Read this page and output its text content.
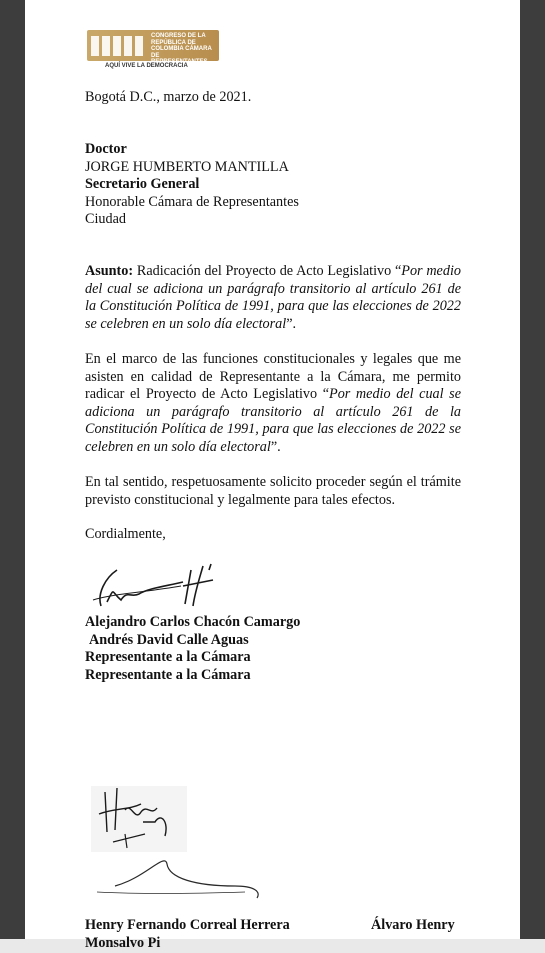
CONGRESO DE LA REPÚBLICA DE COLOMBIA CÁMARA DE REPRESENTANTES
AQUÍ VIVE LA DEMOCRACIA
Bogotá D.C., marzo de 2021.
Doctor
JORGE HUMBERTO MANTILLA
Secretario General
Honorable Cámara de Representantes
Ciudad
Asunto: Radicación del Proyecto de Acto Legislativo “Por medio del cual se adiciona un parágrafo transitorio al artículo 261 de la Constitución Política de 1991, para que las elecciones de 2022 se celebren en un solo día electoral”.
En el marco de las funciones constitucionales y legales que me asisten en calidad de Representante a la Cámara, me permito radicar el Proyecto de Acto Legislativo “Por medio del cual se adiciona un parágrafo transitorio al artículo 261 de la Constitución Política de 1991, para que las elecciones de 2022 se celebren en un solo día electoral”.
En tal sentido, respetuosamente solicito proceder según el trámite previsto constitucional y legalmente para tales efectos.
Cordialmente,
Alejandro Carlos Chacón Camargo
Andrés David Calle Aguas
Representante a la Cámara
Representante a la Cámara
Henry Fernando Correal Herrera	Álvaro Henry
Monsalvo Pi
